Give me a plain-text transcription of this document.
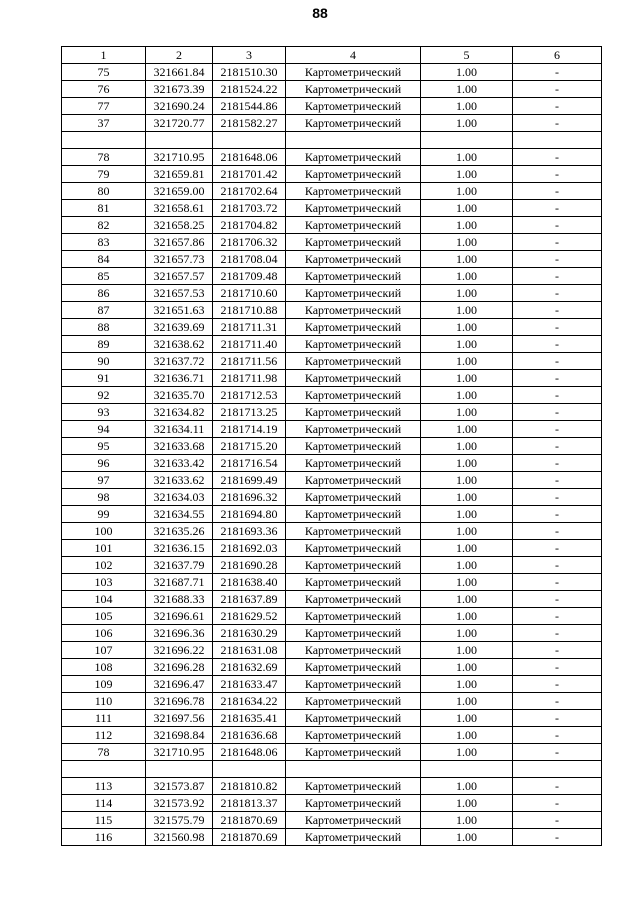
88
1	2	3	4	5	6
75	321661.84	2181510.30	Картометрический	1.00	-
76	321673.39	2181524.22	Картометрический	1.00	-
77	321690.24	2181544.86	Картометрический	1.00	-
37	321720.77	2181582.27	Картометрический	1.00	-

78	321710.95	2181648.06	Картометрический	1.00	-
79	321659.81	2181701.42	Картометрический	1.00	-
80	321659.00	2181702.64	Картометрический	1.00	-
81	321658.61	2181703.72	Картометрический	1.00	-
82	321658.25	2181704.82	Картометрический	1.00	-
83	321657.86	2181706.32	Картометрический	1.00	-
84	321657.73	2181708.04	Картометрический	1.00	-
85	321657.57	2181709.48	Картометрический	1.00	-
86	321657.53	2181710.60	Картометрический	1.00	-
87	321651.63	2181710.88	Картометрический	1.00	-
88	321639.69	2181711.31	Картометрический	1.00	-
89	321638.62	2181711.40	Картометрический	1.00	-
90	321637.72	2181711.56	Картометрический	1.00	-
91	321636.71	2181711.98	Картометрический	1.00	-
92	321635.70	2181712.53	Картометрический	1.00	-
93	321634.82	2181713.25	Картометрический	1.00	-
94	321634.11	2181714.19	Картометрический	1.00	-
95	321633.68	2181715.20	Картометрический	1.00	-
96	321633.42	2181716.54	Картометрический	1.00	-
97	321633.62	2181699.49	Картометрический	1.00	-
98	321634.03	2181696.32	Картометрический	1.00	-
99	321634.55	2181694.80	Картометрический	1.00	-
100	321635.26	2181693.36	Картометрический	1.00	-
101	321636.15	2181692.03	Картометрический	1.00	-
102	321637.79	2181690.28	Картометрический	1.00	-
103	321687.71	2181638.40	Картометрический	1.00	-
104	321688.33	2181637.89	Картометрический	1.00	-
105	321696.61	2181629.52	Картометрический	1.00	-
106	321696.36	2181630.29	Картометрический	1.00	-
107	321696.22	2181631.08	Картометрический	1.00	-
108	321696.28	2181632.69	Картометрический	1.00	-
109	321696.47	2181633.47	Картометрический	1.00	-
110	321696.78	2181634.22	Картометрический	1.00	-
111	321697.56	2181635.41	Картометрический	1.00	-
112	321698.84	2181636.68	Картометрический	1.00	-
78	321710.95	2181648.06	Картометрический	1.00	-

113	321573.87	2181810.82	Картометрический	1.00	-
114	321573.92	2181813.37	Картометрический	1.00	-
115	321575.79	2181870.69	Картометрический	1.00	-
116	321560.98	2181870.69	Картометрический	1.00	-
